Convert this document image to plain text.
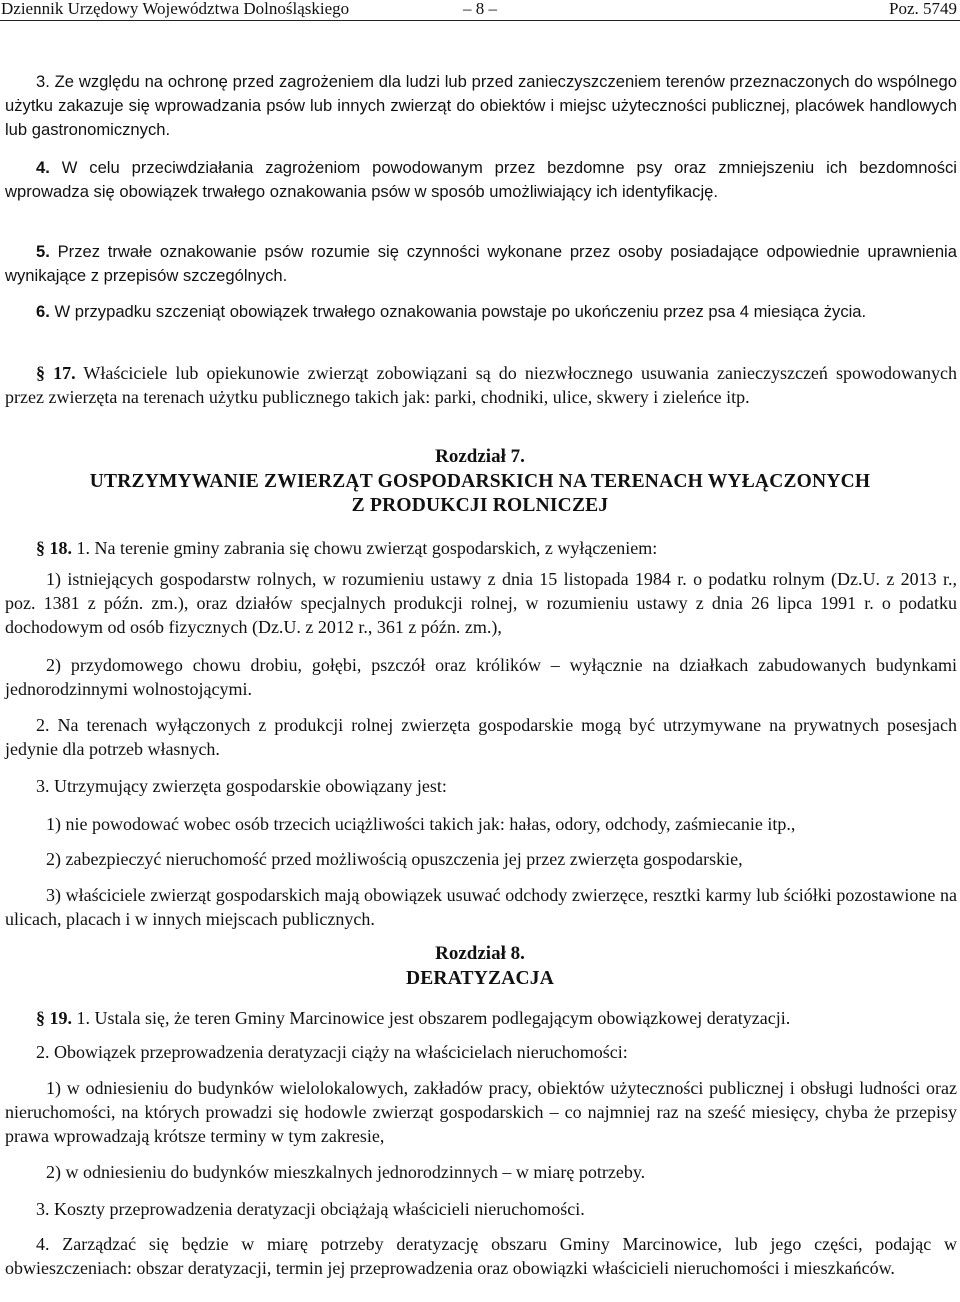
Dziennik Urzędowy Województwa Dolnośląskiego	– 8 –	Poz. 5749

3. Ze względu na ochronę przed zagrożeniem dla ludzi lub przed zanieczyszczeniem terenów przeznaczonych do wspólnego użytku zakazuje się wprowadzania psów lub innych zwierząt do obiektów i miejsc użyteczności publicznej, placówek handlowych lub gastronomicznych.

4. W celu przeciwdziałania zagrożeniom powodowanym przez bezdomne psy oraz zmniejszeniu ich bezdomności wprowadza się obowiązek trwałego oznakowania psów w sposób umożliwiający ich identyfikację.

5. Przez trwałe oznakowanie psów rozumie się czynności wykonane przez osoby posiadające odpowiednie uprawnienia wynikające z przepisów szczególnych.

6. W przypadku szczeniąt obowiązek trwałego oznakowania powstaje po ukończeniu przez psa 4 miesiąca życia.

§ 17. Właściciele lub opiekunowie zwierząt zobowiązani są do niezwłocznego usuwania zanieczyszczeń spowodowanych przez zwierzęta na terenach użytku publicznego takich jak: parki, chodniki, ulice, skwery i zieleńce itp.

Rozdział 7.

UTRZYMYWANIE ZWIERZĄT GOSPODARSKICH NA TERENACH WYŁĄCZONYCH

Z PRODUKCJI ROLNICZEJ

§ 18. 1. Na terenie gminy zabrania się chowu zwierząt gospodarskich, z wyłączeniem:

1) istniejących gospodarstw rolnych, w rozumieniu ustawy z dnia 15 listopada 1984 r. o podatku rolnym (Dz.U. z 2013 r., poz. 1381 z późn. zm.), oraz działów specjalnych produkcji rolnej, w rozumieniu ustawy z dnia 26 lipca 1991 r. o podatku dochodowym od osób fizycznych (Dz.U. z 2012 r., 361 z późn. zm.),

2) przydomowego chowu drobiu, gołębi, pszczół oraz królików – wyłącznie na działkach zabudowanych budynkami jednorodzinnymi wolnostojącymi.

2. Na terenach wyłączonych z produkcji rolnej zwierzęta gospodarskie mogą być utrzymywane na prywatnych posesjach jedynie dla potrzeb własnych.

3. Utrzymujący zwierzęta gospodarskie obowiązany jest:

1) nie powodować wobec osób trzecich uciążliwości takich jak: hałas, odory, odchody, zaśmiecanie itp.,

2) zabezpieczyć nieruchomość przed możliwością opuszczenia jej przez zwierzęta gospodarskie,

3) właściciele zwierząt gospodarskich mają obowiązek usuwać odchody zwierzęce, resztki karmy lub ściółki pozostawione na ulicach, placach i w innych miejscach publicznych.

Rozdział 8.

DERATYZACJA

§ 19. 1. Ustala się, że teren Gminy Marcinowice jest obszarem podlegającym obowiązkowej deratyzacji.

2. Obowiązek przeprowadzenia deratyzacji ciąży na właścicielach nieruchomości:

1) w odniesieniu do budynków wielolokalowych, zakładów pracy, obiektów użyteczności publicznej i obsługi ludności oraz nieruchomości, na których prowadzi się hodowle zwierząt gospodarskich – co najmniej raz na sześć miesięcy, chyba że przepisy prawa wprowadzają krótsze terminy w tym zakresie,

2) w odniesieniu do budynków mieszkalnych jednorodzinnych – w miarę potrzeby.

3. Koszty przeprowadzenia deratyzacji obciążają właścicieli nieruchomości.

4. Zarządzać się będzie w miarę potrzeby deratyzację obszaru Gminy Marcinowice, lub jego części, podając w obwieszczeniach: obszar deratyzacji, termin jej przeprowadzenia oraz obowiązki właścicieli nieruchomości i mieszkańców.
